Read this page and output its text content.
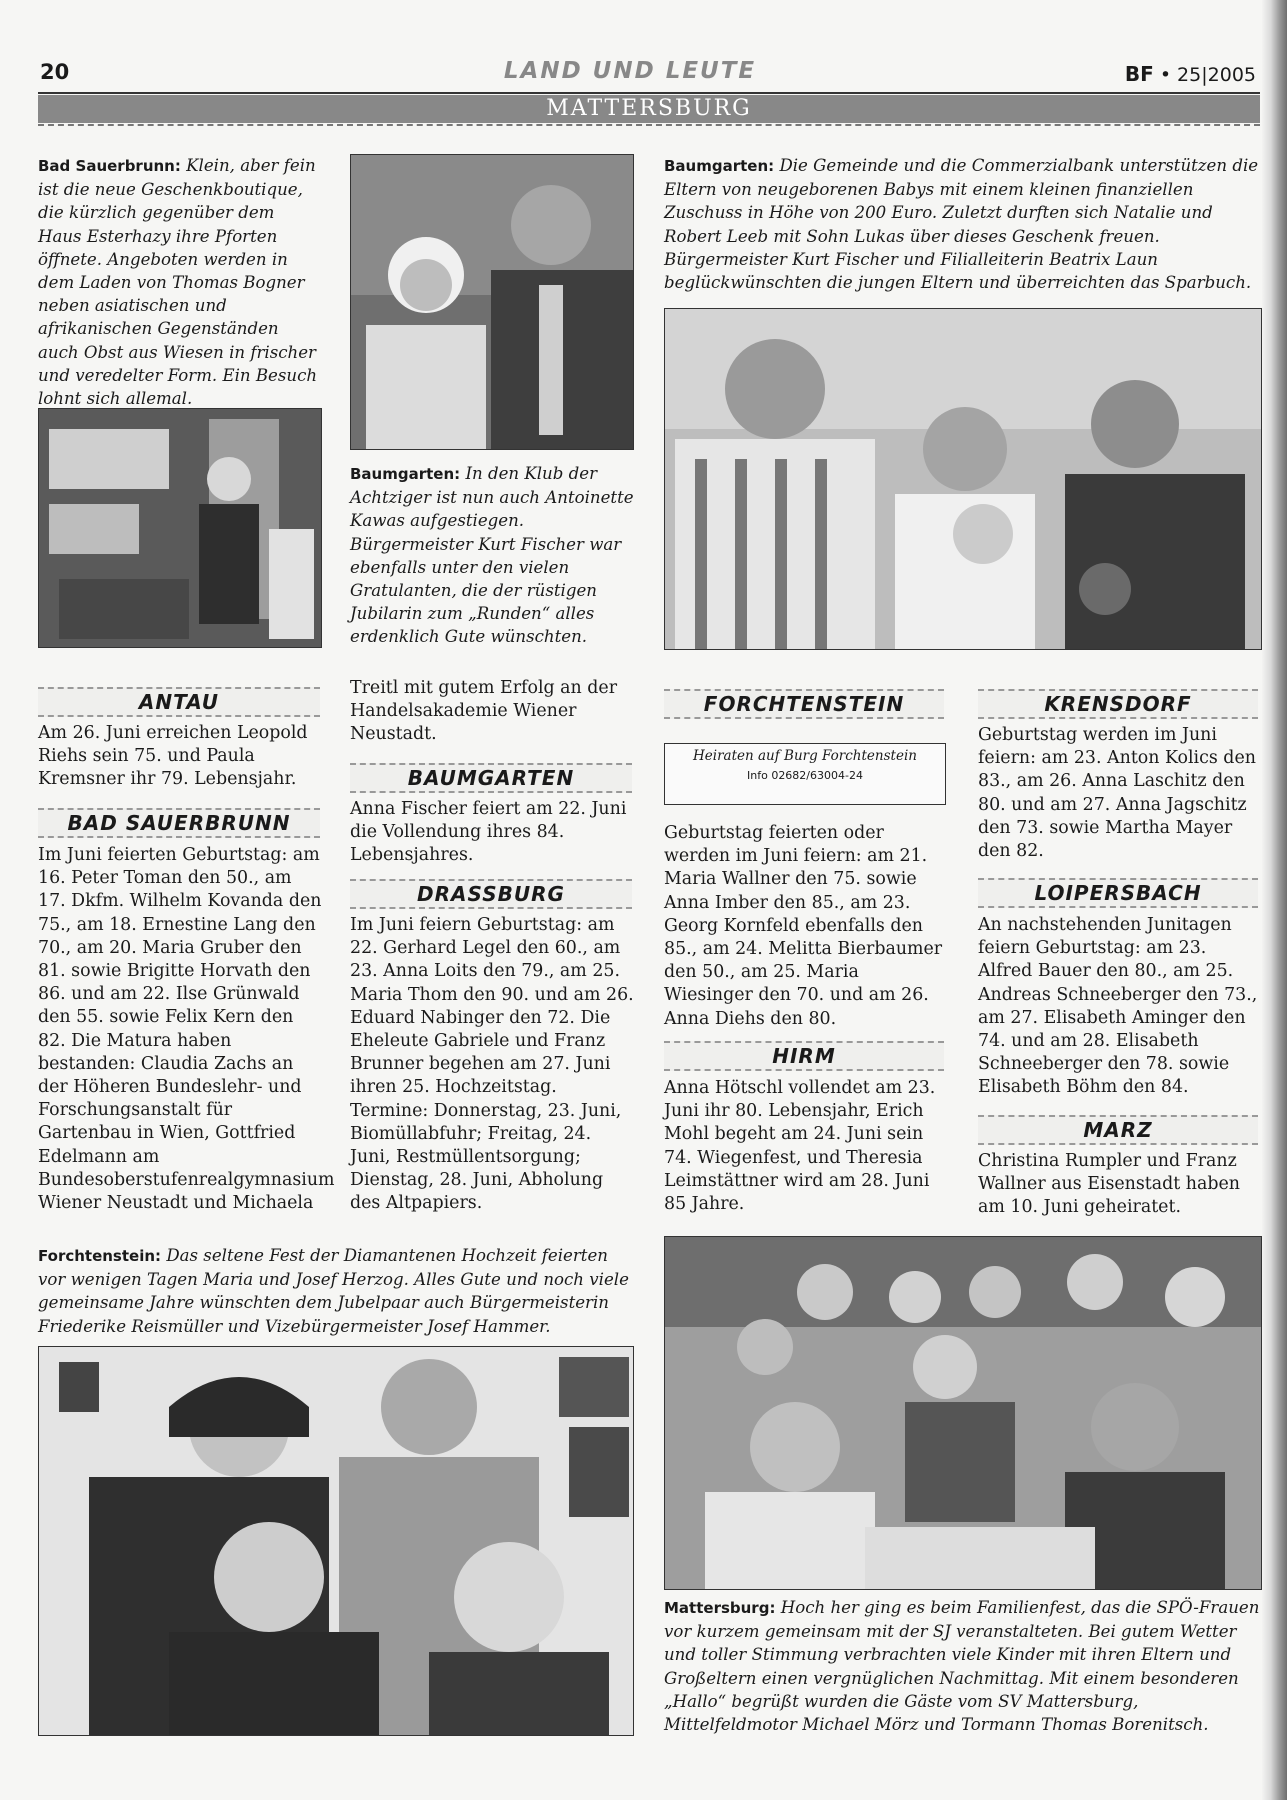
20	LAND UND LEUTE	BF • 25|2005
MATTERSBURG
Bad Sauerbrunn: Klein, aber fein ist die neue Geschenkboutique, die kürzlich gegenüber dem Haus Esterhazy ihre Pforten öffnete. Angeboten werden in dem Laden von Thomas Bogner neben asiatischen und afrikanischen Gegenständen auch Obst aus Wiesen in frischer und veredelter Form. Ein Besuch lohnt sich allemal.
Baumgarten: In den Klub der Achtziger ist nun auch Antoinette Kawas aufgestiegen. Bürgermeister Kurt Fischer war ebenfalls unter den vielen Gratulanten, die der rüstigen Jubilarin zum „Runden“ alles erdenklich Gute wünschten.
Baumgarten: Die Gemeinde und die Commerzialbank unterstützen die Eltern von neugeborenen Babys mit einem kleinen finanziellen Zuschuss in Höhe von 200 Euro. Zuletzt durften sich Natalie und Robert Leeb mit Sohn Lukas über dieses Geschenk freuen. Bürgermeister Kurt Fischer und Filialleiterin Beatrix Laun beglückwünschten die jungen Eltern und überreichten das Sparbuch.
ANTAU
Am 26. Juni erreichen Leopold Riehs sein 75. und Paula Kremsner ihr 79. Lebensjahr.
BAD SAUERBRUNN
Im Juni feierten Geburtstag: am 16. Peter Toman den 50., am 17. Dkfm. Wilhelm Kovanda den 75., am 18. Ernestine Lang den 70., am 20. Maria Gruber den 81. sowie Brigitte Horvath den 86. und am 22. Ilse Grünwald den 55. sowie Felix Kern den 82. Die Matura haben bestanden: Claudia Zachs an der Höheren Bundeslehr- und Forschungsanstalt für Gartenbau in Wien, Gottfried Edelmann am Bundesoberstufenrealgymnasium Wiener Neustadt und Michaela
Treitl mit gutem Erfolg an der Handelsakademie Wiener Neustadt.
BAUMGARTEN
Anna Fischer feiert am 22. Juni die Vollendung ihres 84. Lebensjahres.
DRASSBURG
Im Juni feiern Geburtstag: am 22. Gerhard Legel den 60., am 23. Anna Loits den 79., am 25. Maria Thom den 90. und am 26. Eduard Nabinger den 72. Die Eheleute Gabriele und Franz Brunner begehen am 27. Juni ihren 25. Hochzeitstag. Termine: Donnerstag, 23. Juni, Biomüllabfuhr; Freitag, 24. Juni, Restmüllentsorgung; Dienstag, 28. Juni, Abholung des Altpapiers.
FORCHTENSTEIN
Heiraten auf Burg Forchtenstein
Info 02682/63004-24
Geburtstag feierten oder werden im Juni feiern: am 21. Maria Wallner den 75. sowie Anna Imber den 85., am 23. Georg Kornfeld ebenfalls den 85., am 24. Melitta Bierbaumer den 50., am 25. Maria Wiesinger den 70. und am 26. Anna Diehs den 80.
HIRM
Anna Hötschl vollendet am 23. Juni ihr 80. Lebensjahr, Erich Mohl begeht am 24. Juni sein 74. Wiegenfest, und Theresia Leimstättner wird am 28. Juni 85 Jahre.
KRENSDORF
Geburtstag werden im Juni feiern: am 23. Anton Kolics den 83., am 26. Anna Laschitz den 80. und am 27. Anna Jagschitz den 73. sowie Martha Mayer den 82.
LOIPERSBACH
An nachstehenden Junitagen feiern Geburtstag: am 23. Alfred Bauer den 80., am 25. Andreas Schneeberger den 73., am 27. Elisabeth Aminger den 74. und am 28. Elisabeth Schneeberger den 78. sowie Elisabeth Böhm den 84.
MARZ
Christina Rumpler und Franz Wallner aus Eisenstadt haben am 10. Juni geheiratet.
Forchtenstein: Das seltene Fest der Diamantenen Hochzeit feierten vor wenigen Tagen Maria und Josef Herzog. Alles Gute und noch viele gemeinsame Jahre wünschten dem Jubelpaar auch Bürgermeisterin Friederike Reismüller und Vizebürgermeister Josef Hammer.
Mattersburg: Hoch her ging es beim Familienfest, das die SPÖ-Frauen vor kurzem gemeinsam mit der SJ veranstalteten. Bei gutem Wetter und toller Stimmung verbrachten viele Kinder mit ihren Eltern und Großeltern einen vergnüglichen Nachmittag. Mit einem besonderen „Hallo“ begrüßt wurden die Gäste vom SV Mattersburg, Mittelfeldmotor Michael Mörz und Tormann Thomas Borenitsch.
